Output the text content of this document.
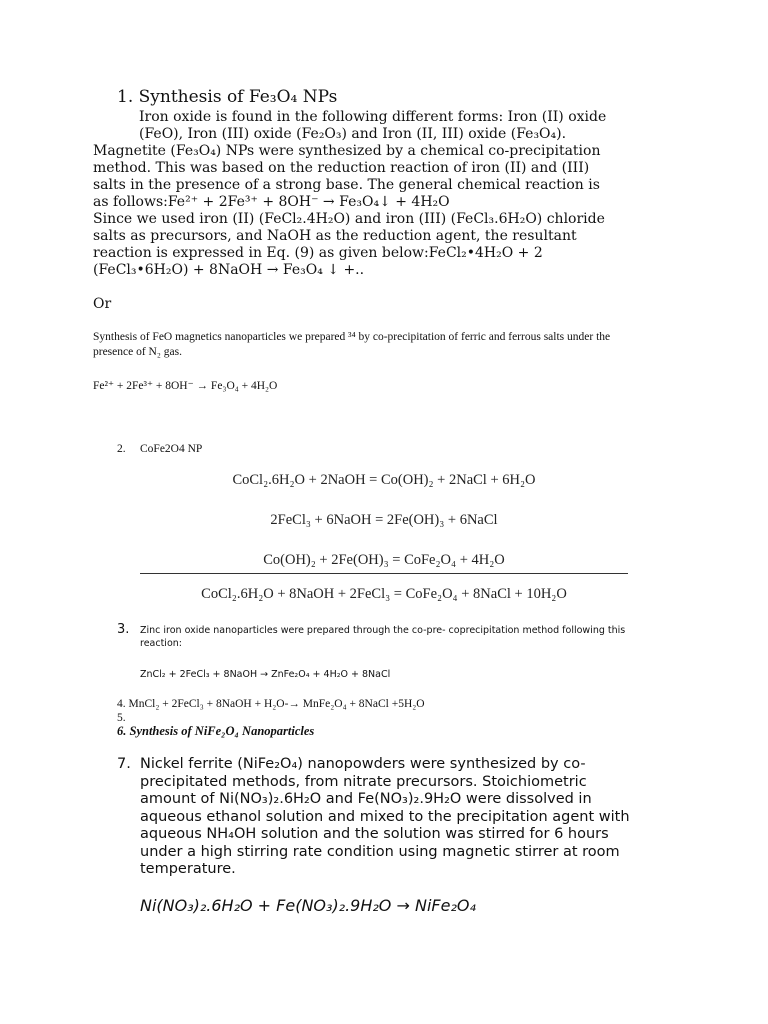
1. Synthesis of Fe₃O₄ NPs
Iron oxide is found in the following different forms: Iron (II) oxide
(FeO), Iron (III) oxide (Fe₂O₃) and Iron (II, III) oxide (Fe₃O₄).
Magnetite (Fe₃O₄) NPs were synthesized by a chemical co-precipitation
method. This was based on the reduction reaction of iron (II) and (III)
salts in the presence of a strong base. The general chemical reaction is
as follows:Fe²⁺ + 2Fe³⁺ + 8OH⁻ → Fe₃O₄↓ + 4H₂O
Since we used iron (II) (FeCl₂.4H₂O) and iron (III) (FeCl₃.6H₂O) chloride
salts as precursors, and NaOH as the reduction agent, the resultant
reaction is expressed in Eq. (9) as given below:FeCl₂•4H₂O + 2
(FeCl₃•6H₂O) + 8NaOH → Fe₃O₄ ↓ +..
Or
Synthesis of FeO magnetics nanoparticles we prepared ³⁴ by co-precipitation of ferric and ferrous salts under the
presence of N₂ gas.
Fe²⁺ + 2Fe³⁺ + 8OH⁻ → Fe₃O₄ + 4H₂O
2. CoFe2O4 NP
CoCl₂.6H₂O + 2NaOH = Co(OH)₂ + 2NaCl + 6H₂O
2FeCl₃ + 6NaOH = 2Fe(OH)₃ + 6NaCl
Co(OH)₂ + 2Fe(OH)₃ = CoFe₂O₄ + 4H₂O
CoCl₂.6H₂O + 8NaOH + 2FeCl₃ = CoFe₂O₄ + 8NaCl + 10H₂O
3.	Zinc iron oxide nanoparticles were prepared through the co-pre- coprecipitation method following this
reaction:
ZnCl₂ + 2FeCl₃ + 8NaOH → ZnFe₂O₄ + 4H₂O + 8NaCl
4. MnCl₂ + 2FeCl₃ + 8NaOH + H₂O-→ MnFe₂O₄ + 8NaCl +5H₂O
5.
6. Synthesis of NiFe₂O₄ Nanoparticles
7. Nickel ferrite (NiFe₂O₄) nanopowders were synthesized by co-
precipitated methods, from nitrate precursors. Stoichiometric
amount of Ni(NO₃)₂.6H₂O and Fe(NO₃)₂.9H₂O were dissolved in
aqueous ethanol solution and mixed to the precipitation agent with
aqueous NH₄OH solution and the solution was stirred for 6 hours
under a high stirring rate condition using magnetic stirrer at room
temperature.
Ni(NO₃)₂.6H₂O + Fe(NO₃)₂.9H₂O → NiFe₂O₄
